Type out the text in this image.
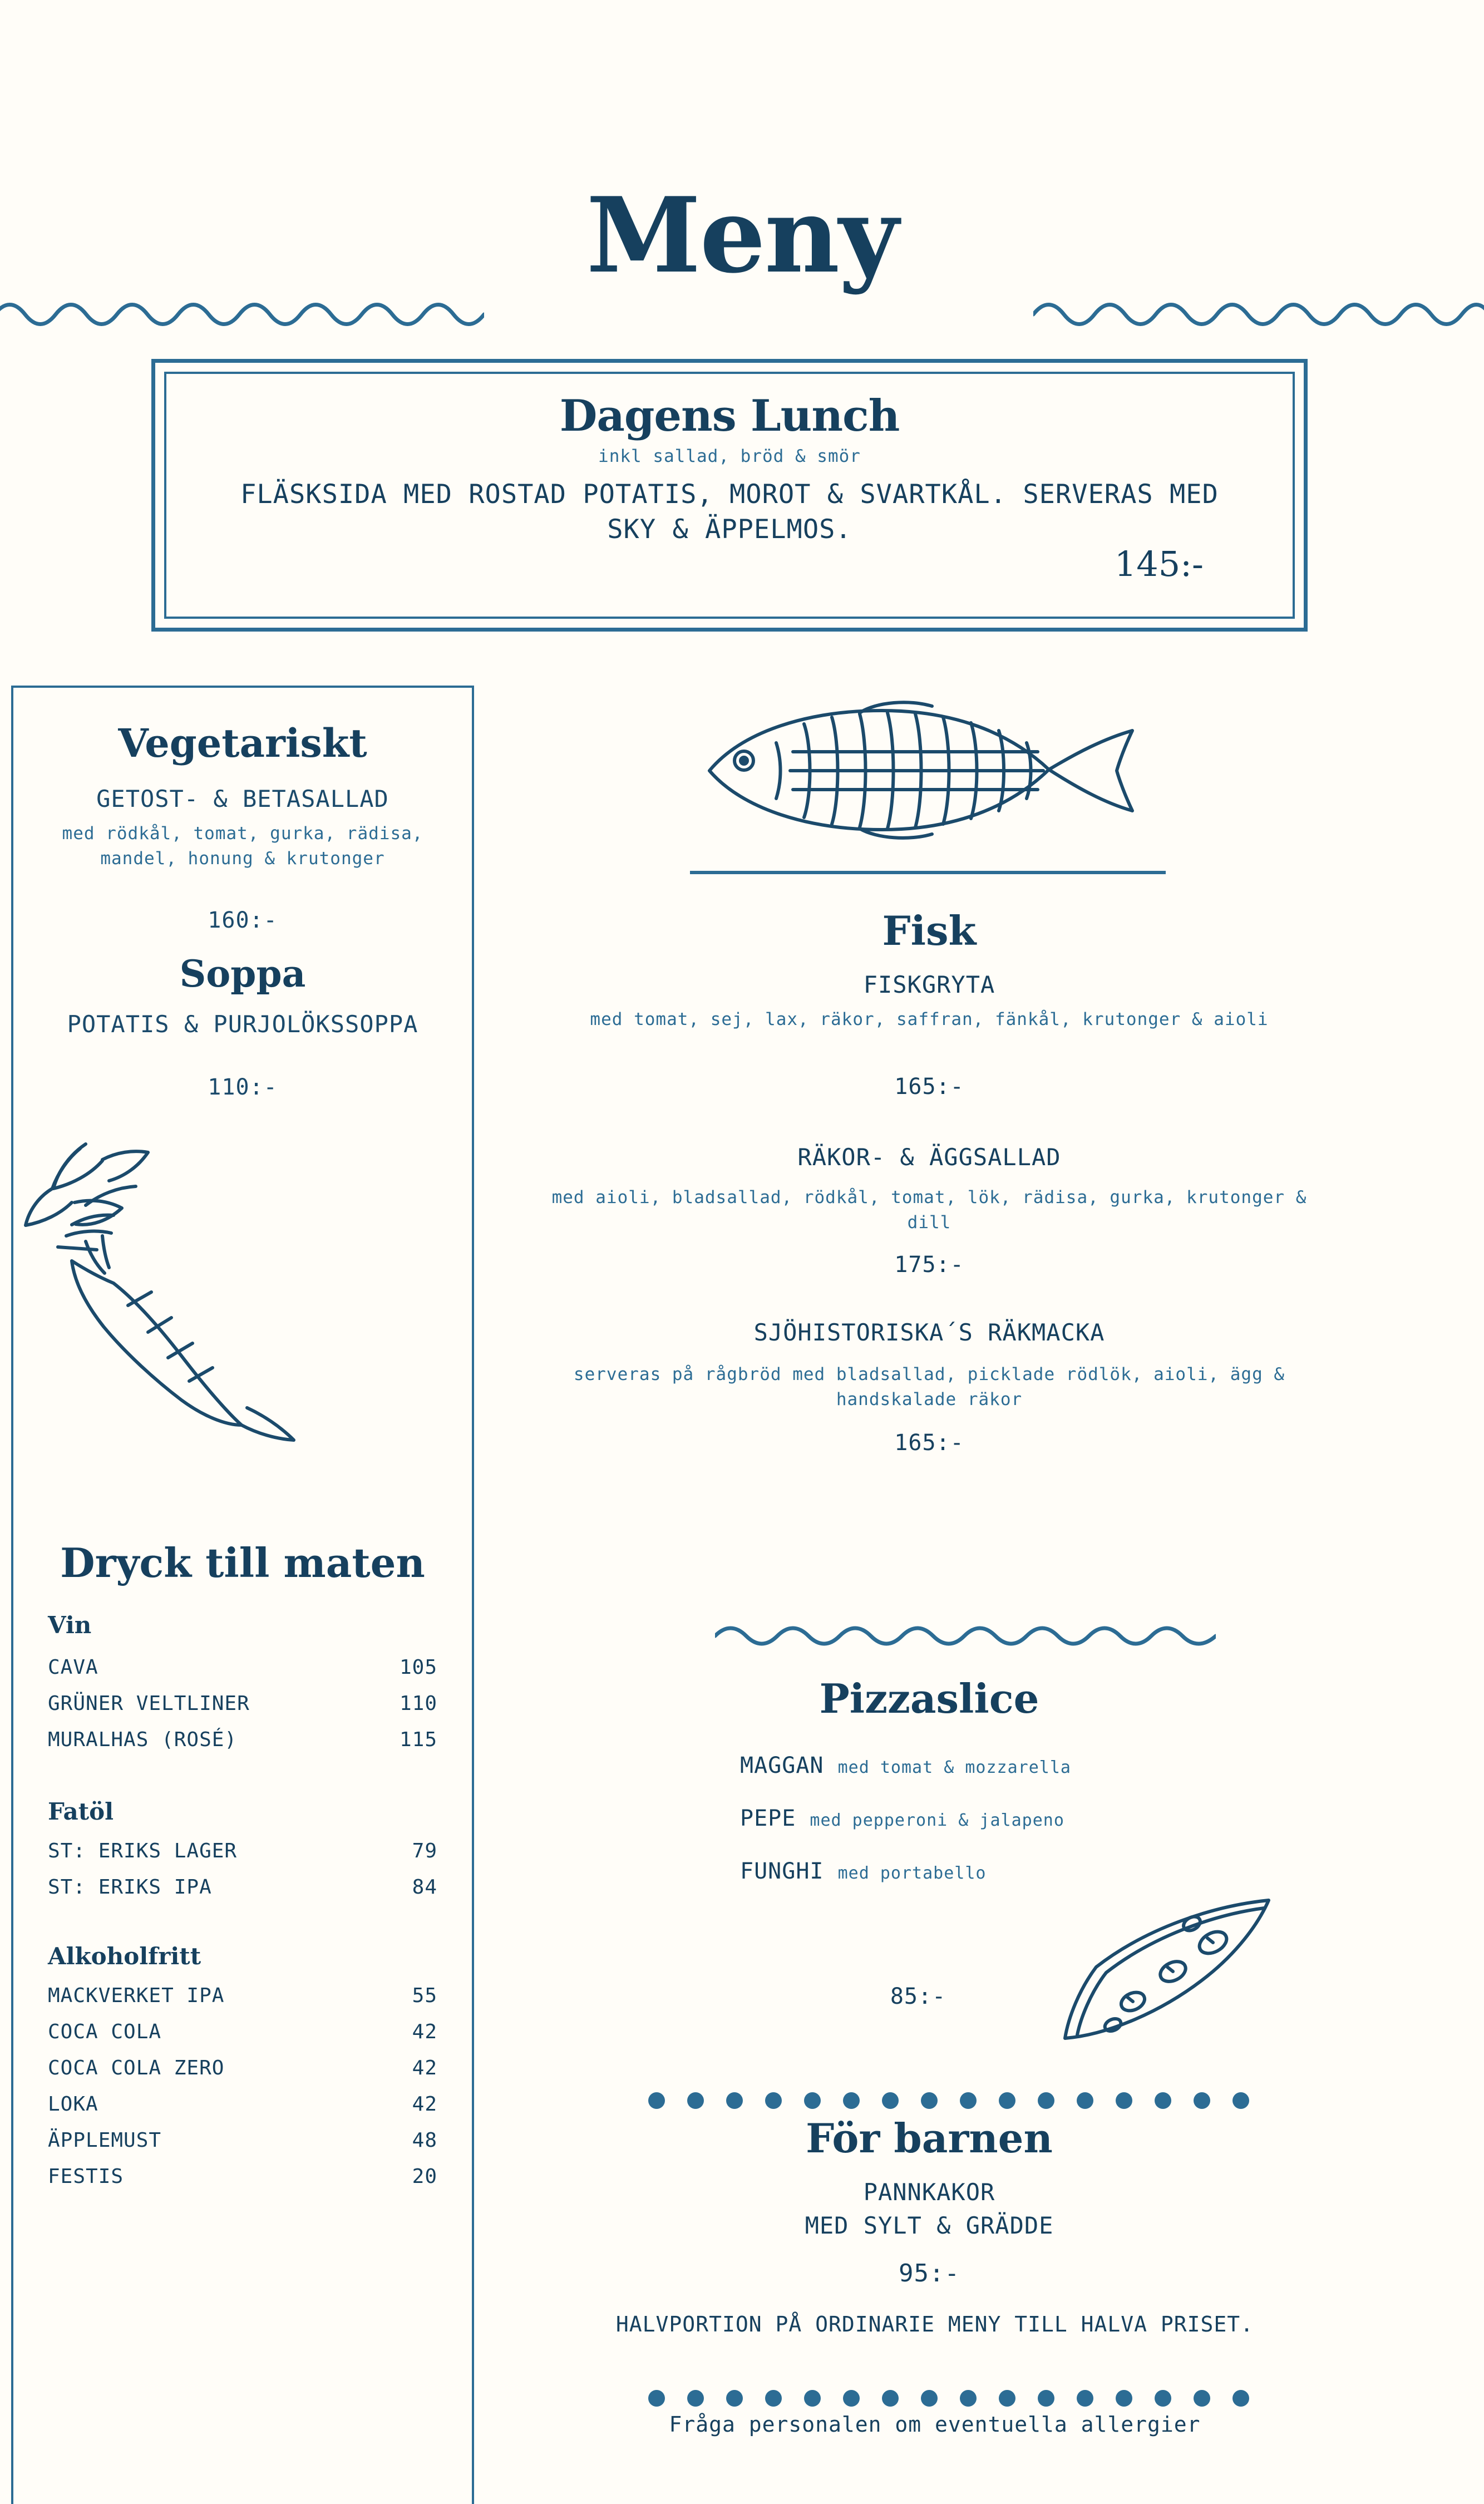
Meny
Dagens Lunch
inkl sallad, bröd & smör
FLÄSKSIDA MED ROSTAD POTATIS, MOROT & SVARTKÅL. SERVERAS MED SKY & ÄPPELMOS.
145:-
Vegetariskt
GETOST- & BETASALLAD
med rödkål, tomat, gurka, rädisa, mandel, honung & krutonger
160:-
Soppa
POTATIS & PURJOLÖKSSOPPA
110:-
Dryck till maten
Vin
CAVA	105
GRÜNER VELTLINER	110
MURALHAS (ROSÉ)	115
Fatöl
ST: ERIKS LAGER	79
ST: ERIKS IPA	84
Alkoholfritt
MACKVERKET IPA	55
COCA COLA	42
COCA COLA ZERO	42
LOKA	42
ÄPPLEMUST	48
FESTIS	20
Fisk
FISKGRYTA
med tomat, sej, lax, räkor, saffran, fänkål, krutonger & aioli
165:-
RÄKOR- & ÄGGSALLAD
med aioli, bladsallad, rödkål, tomat, lök, rädisa, gurka, krutonger & dill
175:-
SJÖHISTORISKA´S RÄKMACKA
serveras på rågbröd med bladsallad, picklade rödlök, aioli, ägg & handskalade räkor
165:-
Pizzaslice
MAGGAN med tomat & mozzarella
PEPE med pepperoni & jalapeno
FUNGHI med portabello
85:-
För barnen
PANNKAKOR
MED SYLT & GRÄDDE
95:-
HALVPORTION PÅ ORDINARIE MENY TILL HALVA PRISET.
Fråga personalen om eventuella allergier
